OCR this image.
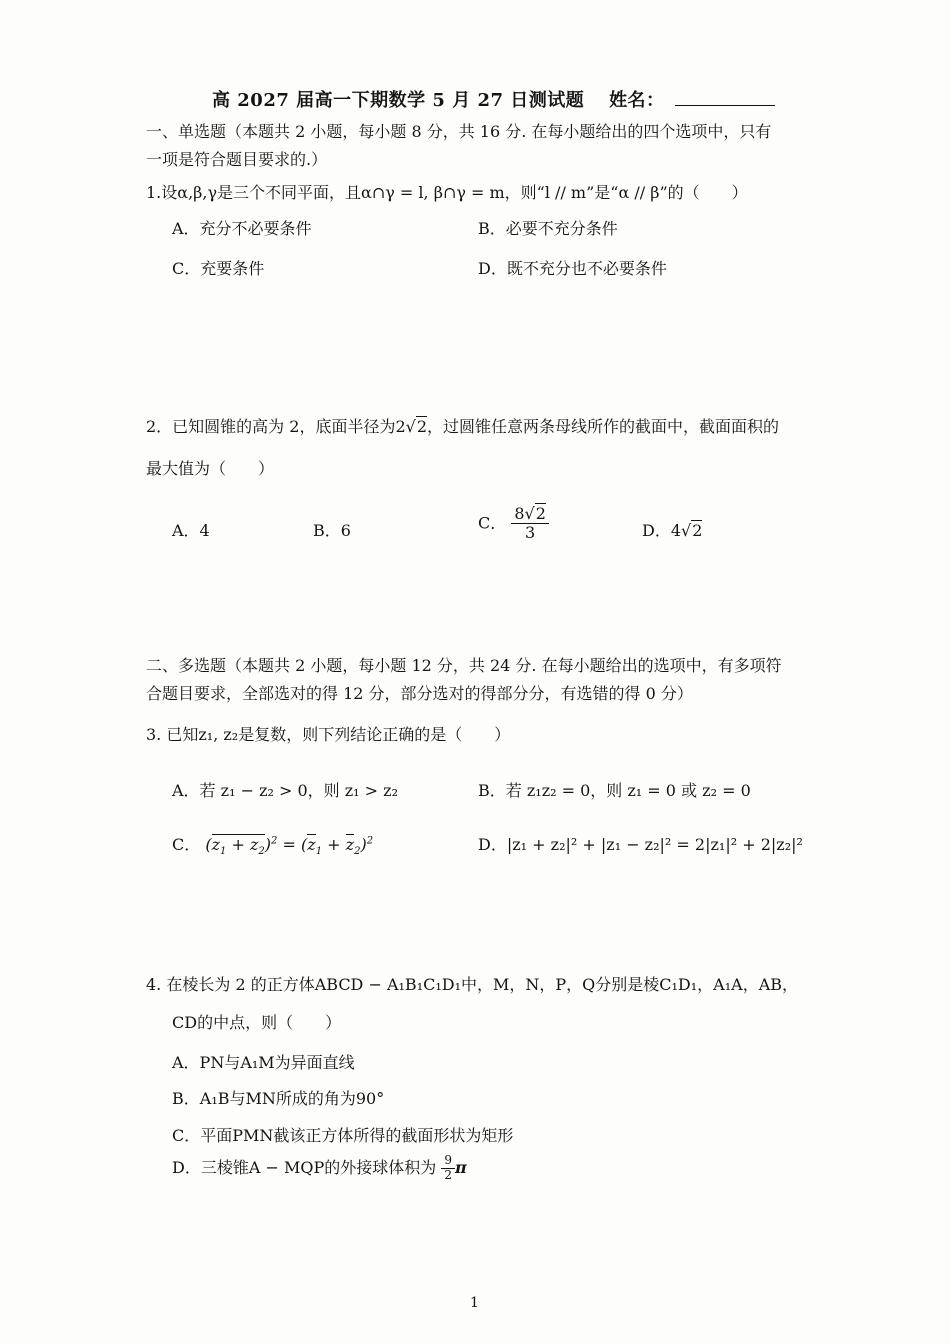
高 2027 届高一下期数学 5 月 27 日测试题 姓名：
一、单选题（本题共 2 小题，每小题 8 分，共 16 分. 在每小题给出的四个选项中，只有
一项是符合题目要求的.）
1.设α,β,γ是三个不同平面，且α∩γ = l, β∩γ = m，则“l // m”是“α // β”的（　　）
A．充分不必要条件	B．必要不充分条件
C．充要条件	D．既不充分也不必要条件
2．已知圆锥的高为 2，底面半径为2√2，过圆锥任意两条母线所作的截面中，截面面积的
最大值为（　　）
A．4	B．6	C． $\frac{8√2}{3}$	D．4√2
二、多选题（本题共 2 小题，每小题 12 分，共 24 分. 在每小题给出的选项中，有多项符
合题目要求，全部选对的得 12 分，部分选对的得部分分，有选错的得 0 分）
3. 已知z₁, z₂是复数，则下列结论正确的是（　　）
A．若 z₁ − z₂ > 0，则 z₁ > z₂	B．若 z₁z₂ = 0，则 z₁ = 0 或 z₂ = 0
C． $(z_1 + z_2)^2 = (z_1 + z_2)^2$	D．|z₁ + z₂|² + |z₁ − z₂|² = 2|z₁|² + 2|z₂|²
4. 在棱长为 2 的正方体ABCD − A₁B₁C₁D₁中，M，N，P，Q分别是棱C₁D₁，A₁A，AB，
CD的中点，则（　　）
A．PN与A₁M为异面直线
B．A₁B与MN所成的角为90°
C．平面PMN截该正方体所得的截面形状为矩形
D．三棱锥A − MQP的外接球体积为 $\frac{9}{2}$ π
1
